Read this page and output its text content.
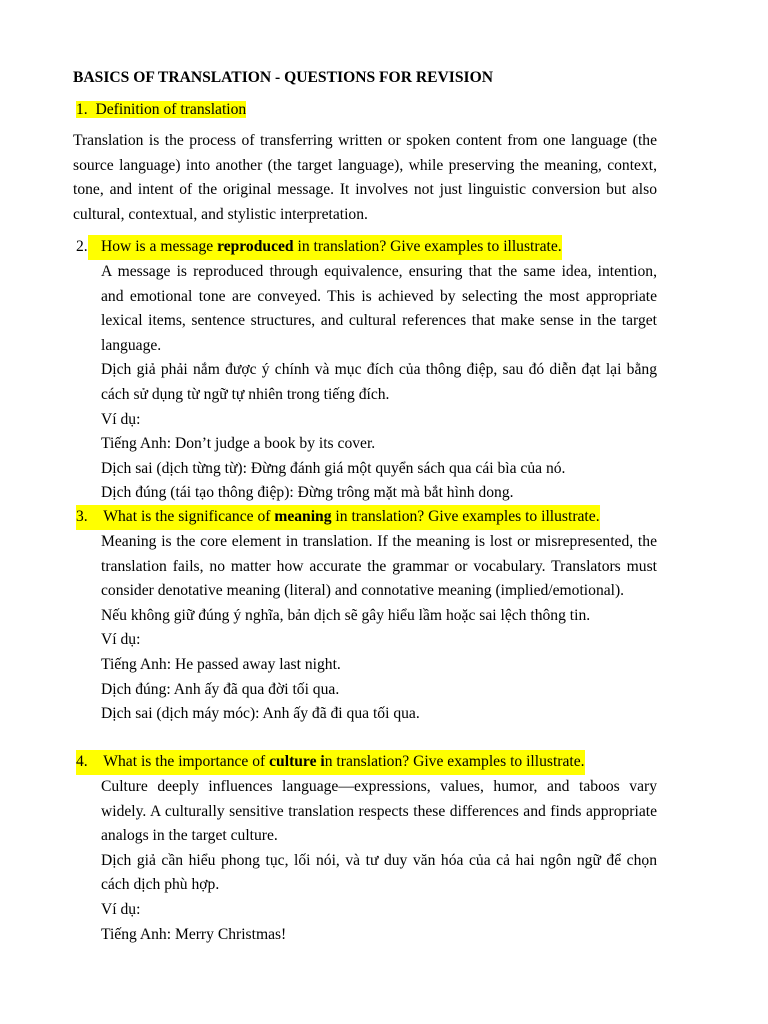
BASICS OF TRANSLATION - QUESTIONS FOR REVISION
1. Definition of translation

Translation is the process of transferring written or spoken content from one language (the source language) into another (the target language), while preserving the meaning, context, tone, and intent of the original message. It involves not just linguistic conversion but also cultural, contextual, and stylistic interpretation.

2. How is a message reproduced in translation? Give examples to illustrate.

A message is reproduced through equivalence, ensuring that the same idea, intention, and emotional tone are conveyed. This is achieved by selecting the most appropriate lexical items, sentence structures, and cultural references that make sense in the target language.

Dịch giả phải nắm được ý chính và mục đích của thông điệp, sau đó diễn đạt lại bằng cách sử dụng từ ngữ tự nhiên trong tiếng đích.

Ví dụ:

Tiếng Anh: Don’t judge a book by its cover.

Dịch sai (dịch từng từ): Đừng đánh giá một quyển sách qua cái bìa của nó.

Dịch đúng (tái tạo thông điệp): Đừng trông mặt mà bắt hình dong.

3. What is the significance of meaning in translation? Give examples to illustrate.

Meaning is the core element in translation. If the meaning is lost or misrepresented, the translation fails, no matter how accurate the grammar or vocabulary. Translators must consider denotative meaning (literal) and connotative meaning (implied/emotional).

Nếu không giữ đúng ý nghĩa, bản dịch sẽ gây hiểu lầm hoặc sai lệch thông tin.

Ví dụ:

Tiếng Anh: He passed away last night.

Dịch đúng: Anh ấy đã qua đời tối qua.

Dịch sai (dịch máy móc): Anh ấy đã đi qua tối qua.

4. What is the importance of culture in translation? Give examples to illustrate.

Culture deeply influences language—expressions, values, humor, and taboos vary widely. A culturally sensitive translation respects these differences and finds appropriate analogs in the target culture.

Dịch giả cần hiểu phong tục, lối nói, và tư duy văn hóa của cả hai ngôn ngữ để chọn cách dịch phù hợp.

Ví dụ:

Tiếng Anh: Merry Christmas!
